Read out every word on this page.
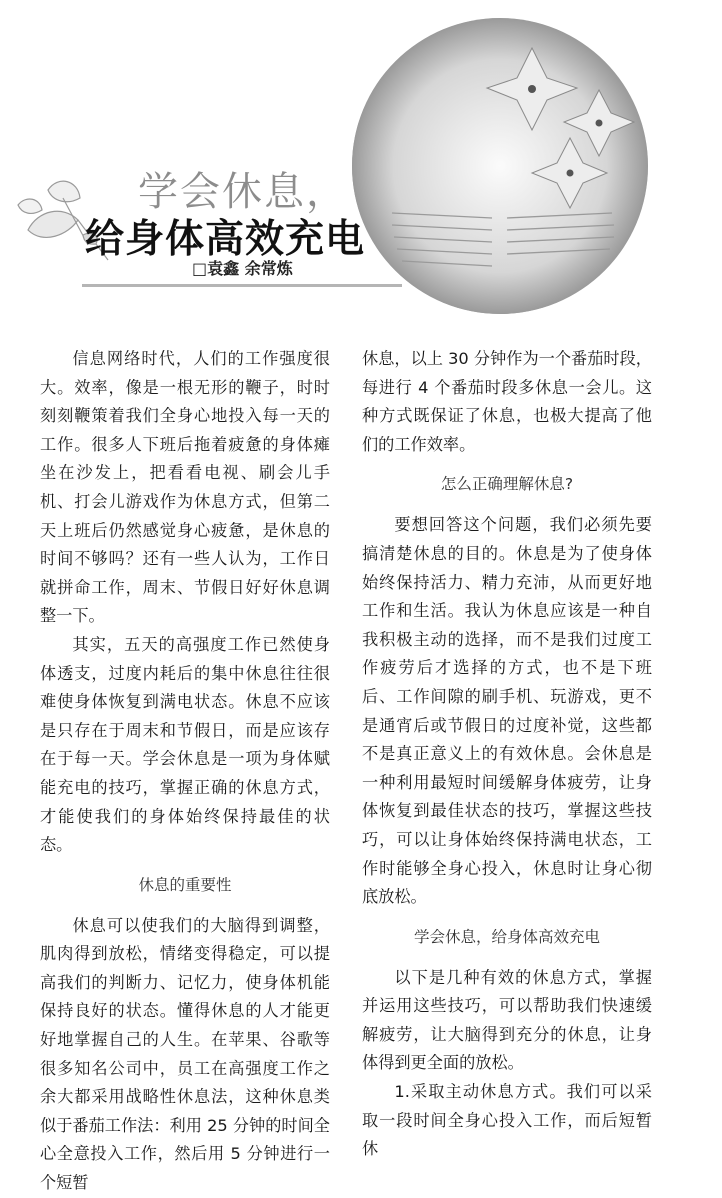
学会休息，
给身体高效充电
□袁鑫 余常炼

信息网络时代，人们的工作强度很大。效率，像是一根无形的鞭子，时时刻刻鞭策着我们全身心地投入每一天的工作。很多人下班后拖着疲惫的身体瘫坐在沙发上，把看看电视、刷会儿手机、打会儿游戏作为休息方式，但第二天上班后仍然感觉身心疲惫，是休息的时间不够吗？还有一些人认为，工作日就拼命工作，周末、节假日好好休息调整一下。

其实，五天的高强度工作已然使身体透支，过度内耗后的集中休息往往很难使身体恢复到满电状态。休息不应该是只存在于周末和节假日，而是应该存在于每一天。学会休息是一项为身体赋能充电的技巧，掌握正确的休息方式，才能使我们的身体始终保持最佳的状态。

休息的重要性

休息可以使我们的大脑得到调整，肌肉得到放松，情绪变得稳定，可以提高我们的判断力、记忆力，使身体机能保持良好的状态。懂得休息的人才能更好地掌握自己的人生。在苹果、谷歌等很多知名公司中，员工在高强度工作之余大都采用战略性休息法，这种休息类似于番茄工作法：利用 25 分钟的时间全心全意投入工作，然后用 5 分钟进行一个短暂

休息，以上 30 分钟作为一个番茄时段，每进行 4 个番茄时段多休息一会儿。这种方式既保证了休息，也极大提高了他们的工作效率。

怎么正确理解休息?

要想回答这个问题，我们必须先要搞清楚休息的目的。休息是为了使身体始终保持活力、精力充沛，从而更好地工作和生活。我认为休息应该是一种自我积极主动的选择，而不是我们过度工作疲劳后才选择的方式，也不是下班后、工作间隙的刷手机、玩游戏，更不是通宵后或节假日的过度补觉，这些都不是真正意义上的有效休息。会休息是一种利用最短时间缓解身体疲劳，让身体恢复到最佳状态的技巧，掌握这些技巧，可以让身体始终保持满电状态，工作时能够全身心投入，休息时让身心彻底放松。

学会休息，给身体高效充电

以下是几种有效的休息方式，掌握并运用这些技巧，可以帮助我们快速缓解疲劳，让大脑得到充分的休息，让身体得到更全面的放松。

1.采取主动休息方式。我们可以采取一段时间全身心投入工作，而后短暂休
